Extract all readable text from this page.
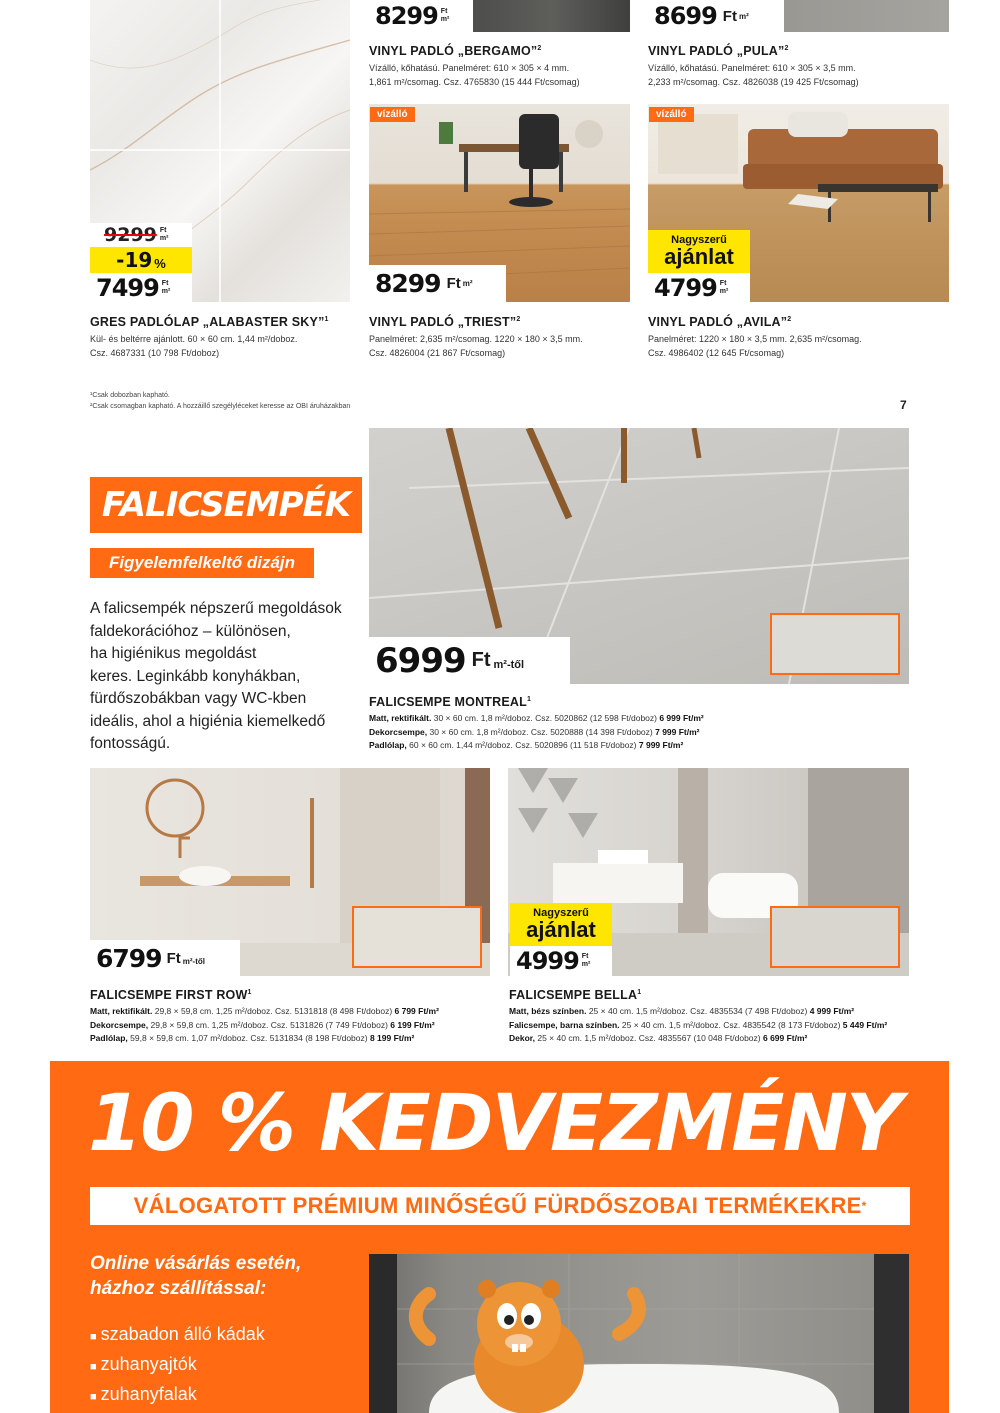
9299 Ft
m²
-19 %
7499 Ft
m²
GRES PADLÓLAP „ALABASTER SKY”$^1$
Kül- és beltérre ajánlott. 60 × 60 cm. 1,44 m²/doboz.
Csz. 4687331 (10 798 Ft/doboz)
8299 Ft
m²
VINYL PADLÓ „BERGAMO”$^2$
Vízálló, kőhatású. Panelméret: 610 × 305 × 4 mm.
1,861 m²/csomag. Csz. 4765830 (15 444 Ft/csomag)
8699 Ft m²
VINYL PADLÓ „PULA”$^2$
Vízálló, kőhatású. Panelméret: 610 × 305 × 3,5 mm.
2,233 m²/csomag. Csz. 4826038 (19 425 Ft/csomag)
vízálló
8299 Ft m²
VINYL PADLÓ „TRIEST”$^2$
Panelméret: 2,635 m²/csomag. 1220 × 180 × 3,5 mm.
Csz. 4826004 (21 867 Ft/csomag)
vízálló
Nagyszerű
ajánlat
4799 Ft
m²
VINYL PADLÓ „AVILA”$^2$
Panelméret: 1220 × 180 × 3,5 mm. 2,635 m²/csomag.
Csz. 4986402 (12 645 Ft/csomag)
¹Csak dobozban kapható.
²Csak csomagban kapható. A hozzáillő szegélyléceket keresse az OBI áruházakban	7
FALICSEMPÉK
Figyelemfelkeltő dizájn
A falicsempék népszerű megoldások
faldekorációhoz – különösen,
ha higiénikus megoldást
keres. Leginkább konyhákban,
fürdőszobákban vagy WC-kben
ideális, ahol a higiénia kiemelkedő
fontosságú.
6999 Ft m²-től
FALICSEMPE MONTREAL$^1$
Matt, rektifikált. 30 × 60 cm. 1,8 m²/doboz. Csz. 5020862 (12 598 Ft/doboz) 6 999 Ft/m²
Dekorcsempe, 30 × 60 cm. 1,8 m²/doboz. Csz. 5020888 (14 398 Ft/doboz) 7 999 Ft/m²
Padlólap, 60 × 60 cm. 1,44 m²/doboz. Csz. 5020896 (11 518 Ft/doboz) 7 999 Ft/m²
6799 Ft m²-től
FALICSEMPE FIRST ROW$^1$
Matt, rektifikált. 29,8 × 59,8 cm. 1,25 m²/doboz. Csz. 5131818 (8 498 Ft/doboz) 6 799 Ft/m²
Dekorcsempe, 29,8 × 59,8 cm. 1,25 m²/doboz. Csz. 5131826 (7 749 Ft/doboz) 6 199 Ft/m²
Padlólap, 59,8 × 59,8 cm. 1,07 m²/doboz. Csz. 5131834 (8 198 Ft/doboz) 8 199 Ft/m²
Nagyszerű
ajánlat
4999 Ft
m²
FALICSEMPE BELLA$^1$
Matt, bézs színben. 25 × 40 cm. 1,5 m²/doboz. Csz. 4835534 (7 498 Ft/doboz) 4 999 Ft/m²
Falicsempe, barna színben. 25 × 40 cm. 1,5 m²/doboz. Csz. 4835542 (8 173 Ft/doboz) 5 449 Ft/m²
Dekor, 25 × 40 cm. 1,5 m²/doboz. Csz. 4835567 (10 048 Ft/doboz) 6 699 Ft/m²
10 % KEDVEZMÉNY
VÁLOGATOTT PRÉMIUM MINŐSÉGŰ FÜRDŐSZOBAI TERMÉKEKRE *
Online vásárlás esetén,
házhoz szállítással:
■ szabadon álló kádak
■ zuhanyajtók
■ zuhanyfalak
